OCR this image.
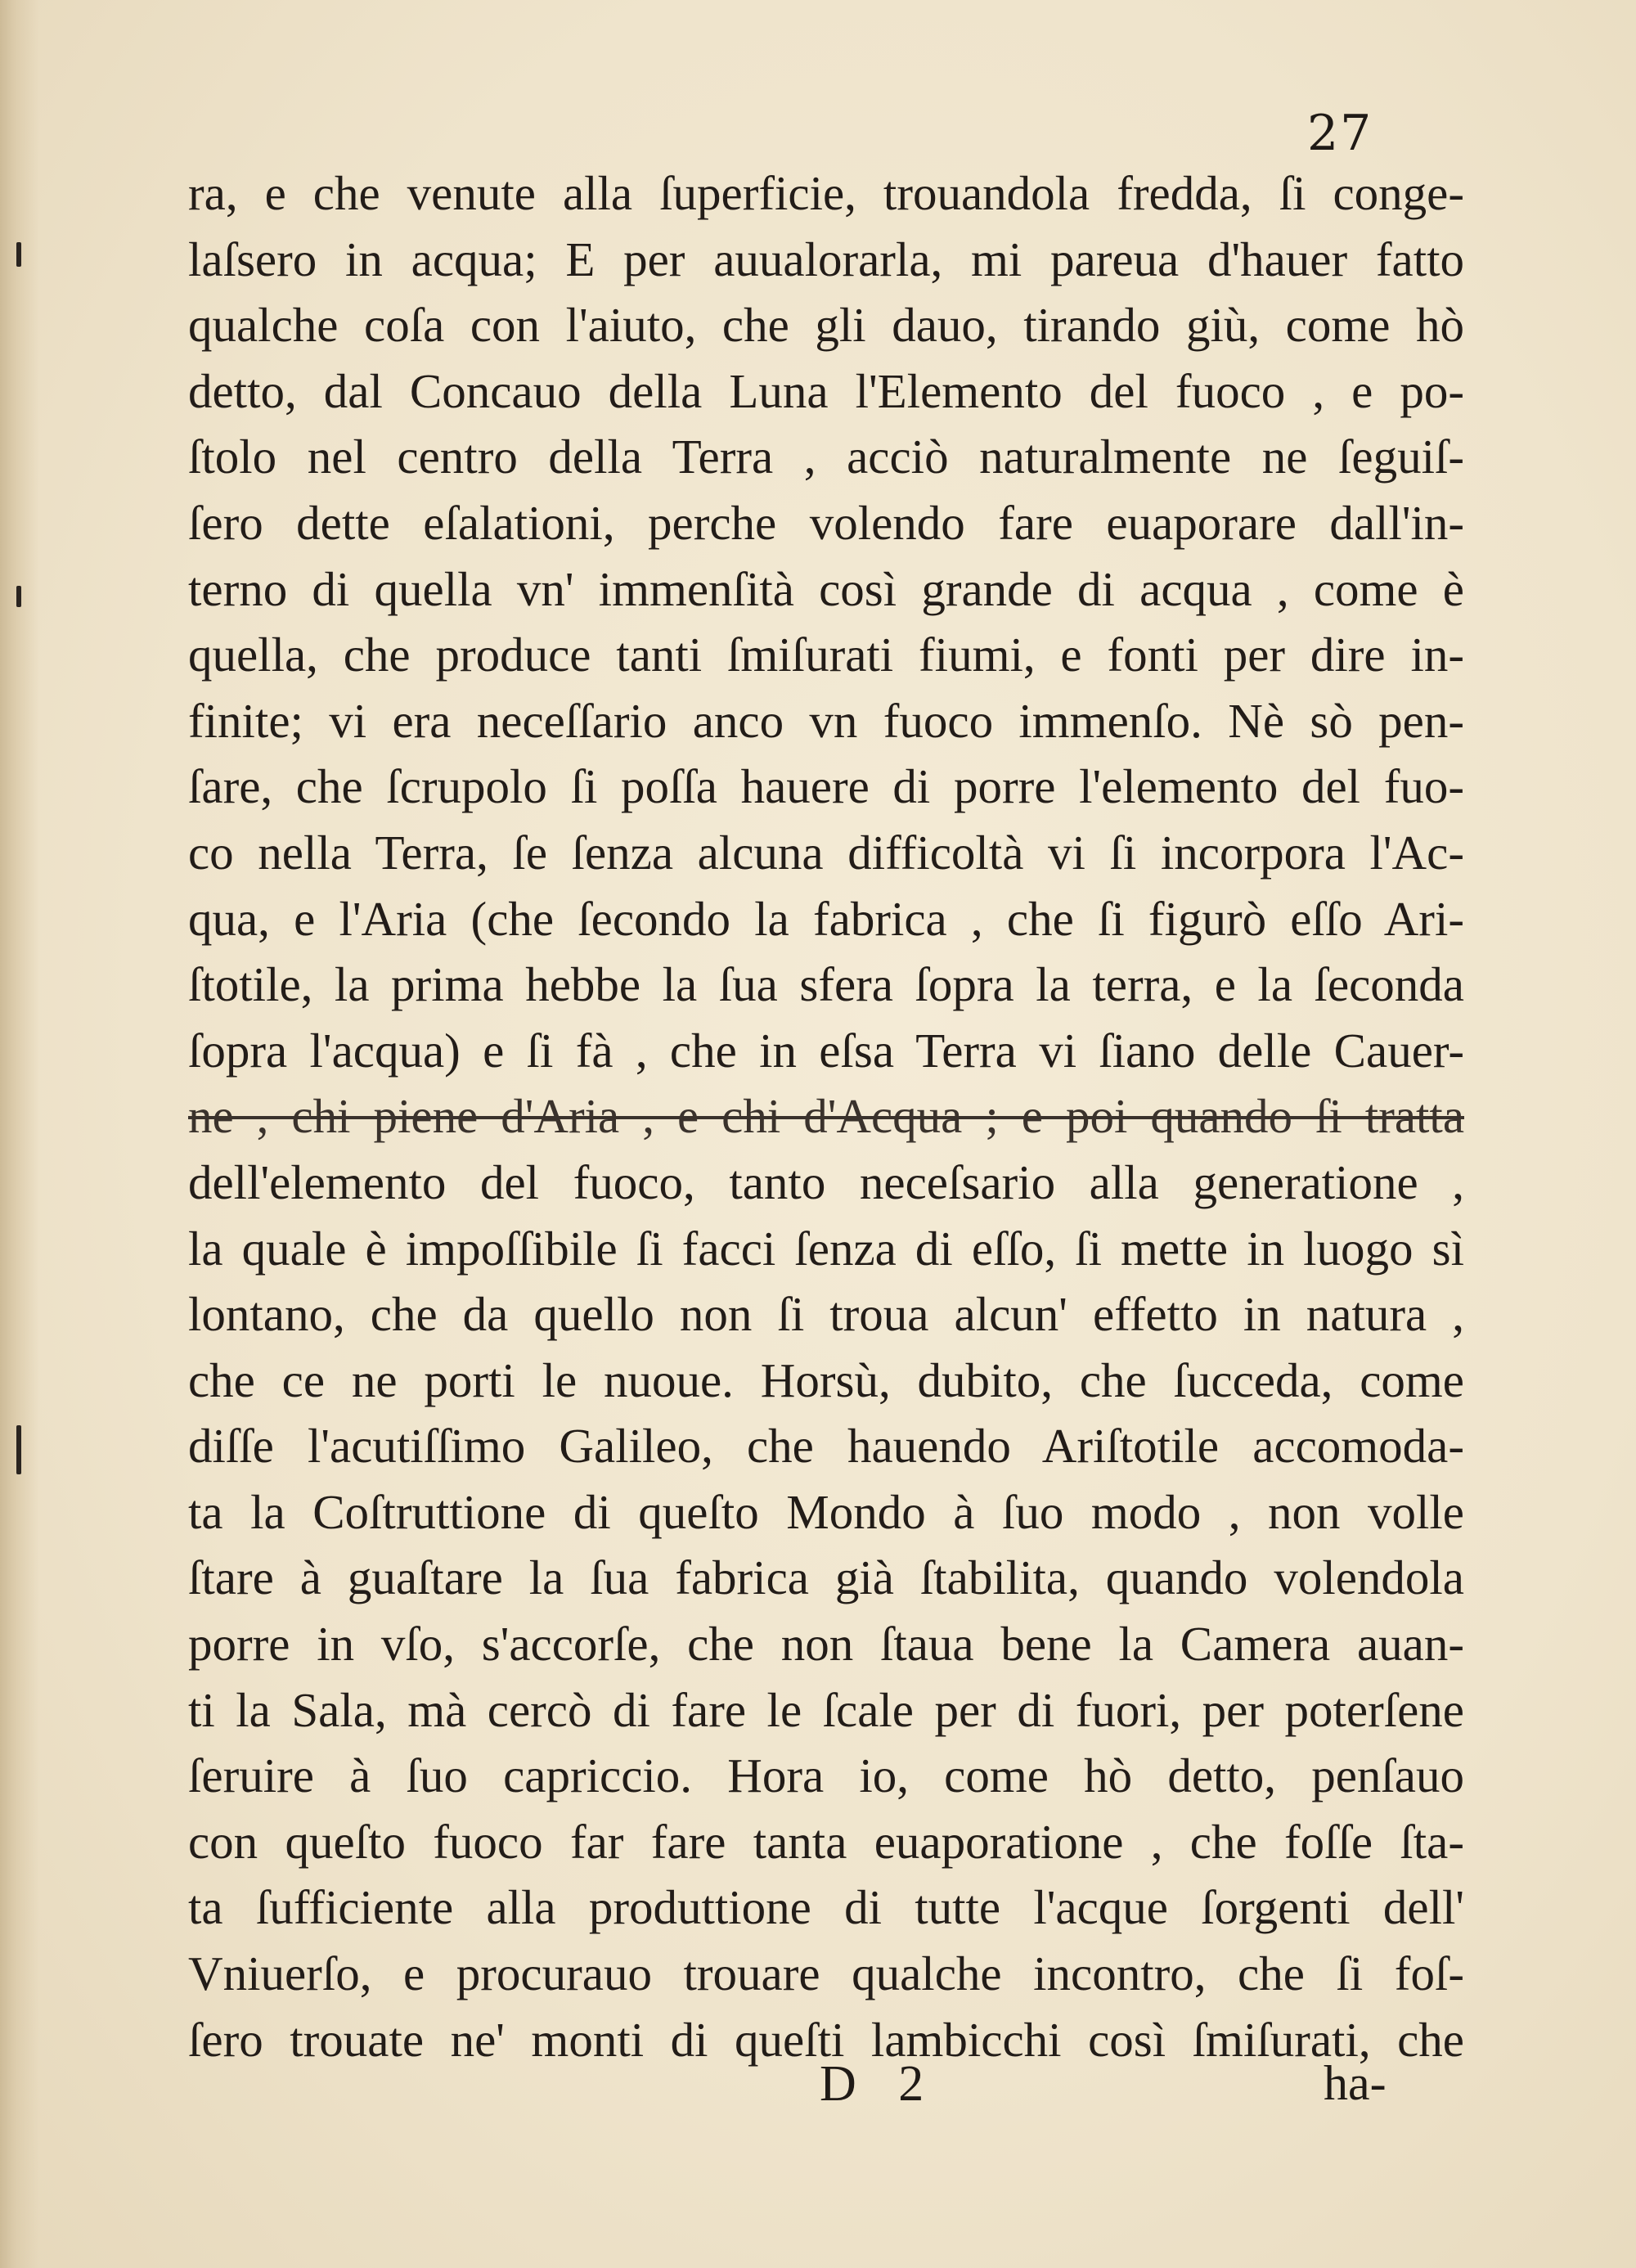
27
ra, e che venute alla ſuperficie, trouandola fredda, ſi conge-
laſsero in acqua; E per auualorarla, mi pareua d'hauer fatto
qualche coſa con l'aiuto, che gli dauo, tirando giù, come hò
detto, dal Concauo della Luna l'Elemento del fuoco , e po-
ſtolo nel centro della Terra , acciò naturalmente ne ſeguiſ-
ſero dette eſalationi, perche volendo fare euaporare dall'in-
terno di quella vn' immenſità così grande di acqua , come è
quella, che produce tanti ſmiſurati fiumi, e fonti per dire in-
finite; vi era neceſſario anco vn fuoco immenſo. Nè sò pen-
ſare, che ſcrupolo ſi poſſa hauere di porre l'elemento del fuo-
co nella Terra, ſe ſenza alcuna difficoltà vi ſi incorpora l'Ac-
qua, e l'Aria (che ſecondo la fabrica , che ſi figurò eſſo Ari-
ſtotile, la prima hebbe la ſua sfera ſopra la terra, e la ſeconda
ſopra l'acqua) e ſi fà , che in eſsa Terra vi ſiano delle Cauer-
ne , chi piene d'Aria , e chi d'Acqua ; e poi quando ſi tratta
dell'elemento del fuoco, tanto neceſsario alla generatione ,
la quale è impoſſibile ſi facci ſenza di eſſo, ſi mette in luogo sì
lontano, che da quello non ſi troua alcun' effetto in natura ,
che ce ne porti le nuoue. Horsù, dubito, che ſucceda, come
diſſe l'acutiſſimo Galileo, che hauendo Ariſtotile accomoda-
ta la Coſtruttione di queſto Mondo à ſuo modo , non volle
ſtare à guaſtare la ſua fabrica già ſtabilita, quando volendola
porre in vſo, s'accorſe, che non ſtaua bene la Camera auan-
ti la Sala, mà cercò di fare le ſcale per di fuori, per poterſene
ſeruire à ſuo capriccio. Hora io, come hò detto, penſauo
con queſto fuoco far fare tanta euaporatione , che foſſe ſta-
ta ſufficiente alla produttione di tutte l'acque ſorgenti dell'
Vniuerſo, e procurauo trouare qualche incontro, che ſi foſ-
ſero trouate ne' monti di queſti lambicchi così ſmiſurati, che
D 2	ha-
